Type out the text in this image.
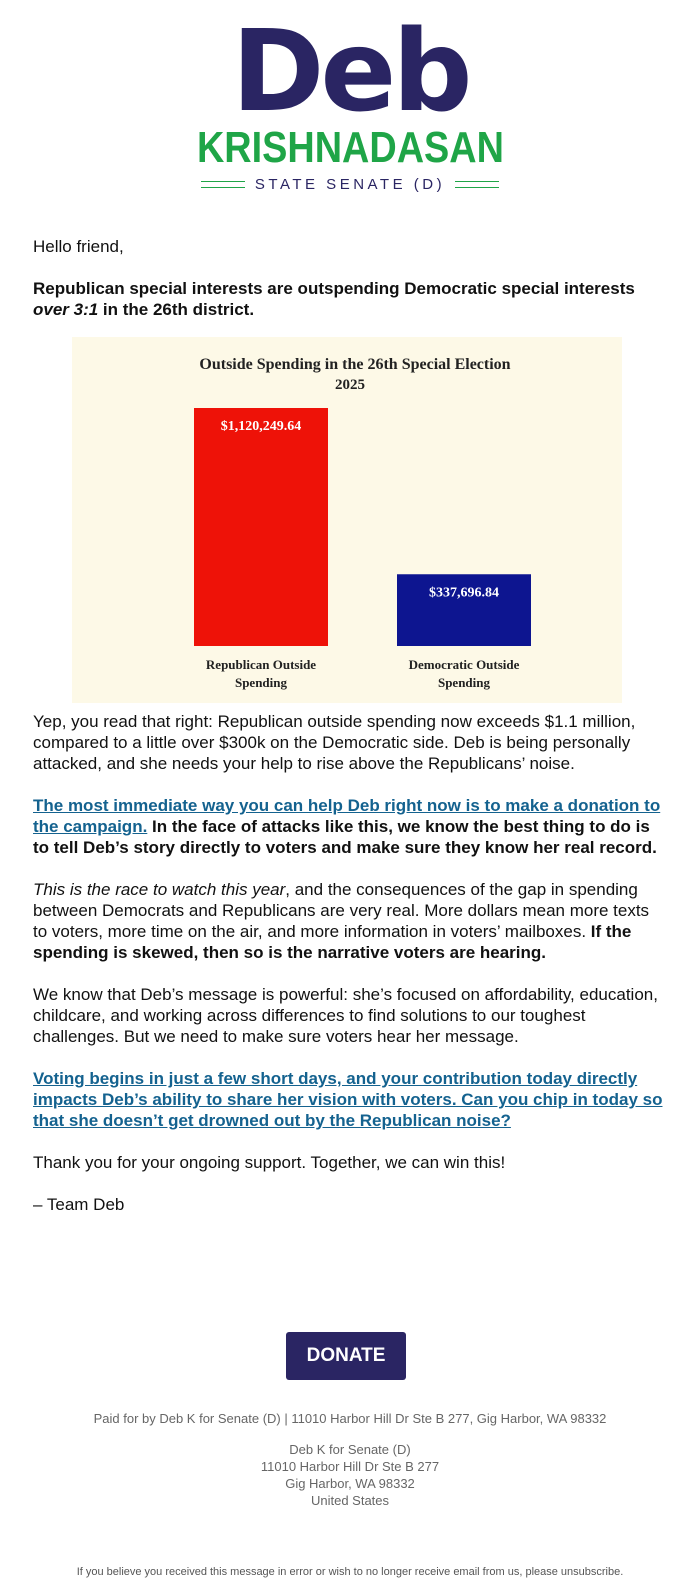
Deb
KRISHNADASAN
STATE SENATE (D)

Hello friend,

Republican special interests are outspending Democratic special interests over 3:1 in the 26th district.

Outside Spending in the 26th Special Election
2025
$1,120,249.64
Republican Outside
Spending
$337,696.84
Democratic Outside
Spending

Yep, you read that right: Republican outside spending now exceeds $1.1 million, compared to a little over $300k on the Democratic side. Deb is being personally attacked, and she needs your help to rise above the Republicans’ noise.

The most immediate way you can help Deb right now is to make a donation to the campaign. In the face of attacks like this, we know the best thing to do is to tell Deb’s story directly to voters and make sure they know her real record.

This is the race to watch this year, and the consequences of the gap in spending between Democrats and Republicans are very real. More dollars mean more texts to voters, more time on the air, and more information in voters’ mailboxes. If the spending is skewed, then so is the narrative voters are hearing.

We know that Deb’s message is powerful: she’s focused on affordability, education, childcare, and working across differences to find solutions to our toughest challenges. But we need to make sure voters hear her message.

Voting begins in just a few short days, and your contribution today directly impacts Deb’s ability to share her vision with voters. Can you chip in today so that she doesn’t get drowned out by the Republican noise?

Thank you for your ongoing support. Together, we can win this!

– Team Deb

DONATE
Paid for by Deb K for Senate (D) | 11010 Harbor Hill Dr Ste B 277, Gig Harbor, WA 98332
Deb K for Senate (D)
11010 Harbor Hill Dr Ste B 277
Gig Harbor, WA 98332
United States
If you believe you received this message in error or wish to no longer receive email from us, please unsubscribe.
